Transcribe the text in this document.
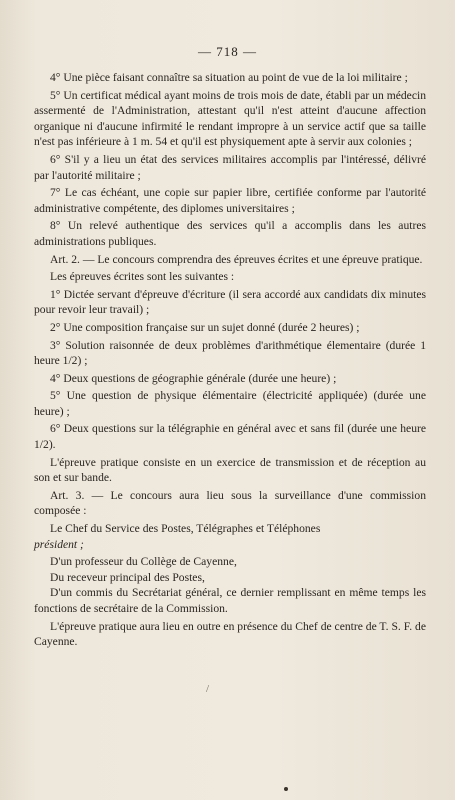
— 718 —

4° Une pièce faisant connaître sa situation au point de vue de la loi militaire ;

5° Un certificat médical ayant moins de trois mois de date, établi par un médecin assermenté de l'Administration, attestant qu'il n'est atteint d'aucune affection organique ni d'aucune infirmité le rendant impropre à un service actif que sa taille n'est pas inférieure à 1 m. 54 et qu'il est physiquement apte à servir aux colonies ;

6° S'il y a lieu un état des services militaires accomplis par l'intéressé, délivré par l'autorité militaire ;

7° Le cas échéant, une copie sur papier libre, certifiée conforme par l'autorité administrative compétente, des diplomes universitaires ;

8° Un relevé authentique des services qu'il a accomplis dans les autres administrations publiques.

Art. 2. — Le concours comprendra des épreuves écrites et une épreuve pratique.

Les épreuves écrites sont les suivantes :

1° Dictée servant d'épreuve d'écriture (il sera accordé aux candidats dix minutes pour revoir leur travail) ;

2° Une composition française sur un sujet donné (durée 2 heures) ;

3° Solution raisonnée de deux problèmes d'arithmétique élementaire (durée 1 heure 1/2) ;

4° Deux questions de géographie générale (durée une heure) ;

5° Une question de physique élémentaire (électricité appliquée) (durée une heure) ;

6° Deux questions sur la télégraphie en général avec et sans fil (durée une heure 1/2).

L'épreuve pratique consiste en un exercice de transmission et de réception au son et sur bande.

Art. 3. — Le concours aura lieu sous la surveillance d'une commission composée :

Le Chef du Service des Postes, Télégraphes et Téléphones
président ;

D'un professeur du Collège de Cayenne,

Du receveur principal des Postes,

D'un commis du Secrétariat général, ce dernier remplissant en même temps les fonctions de secrétaire de la Commission.

L'épreuve pratique aura lieu en outre en présence du Chef de centre de T. S. F. de Cayenne.

/
